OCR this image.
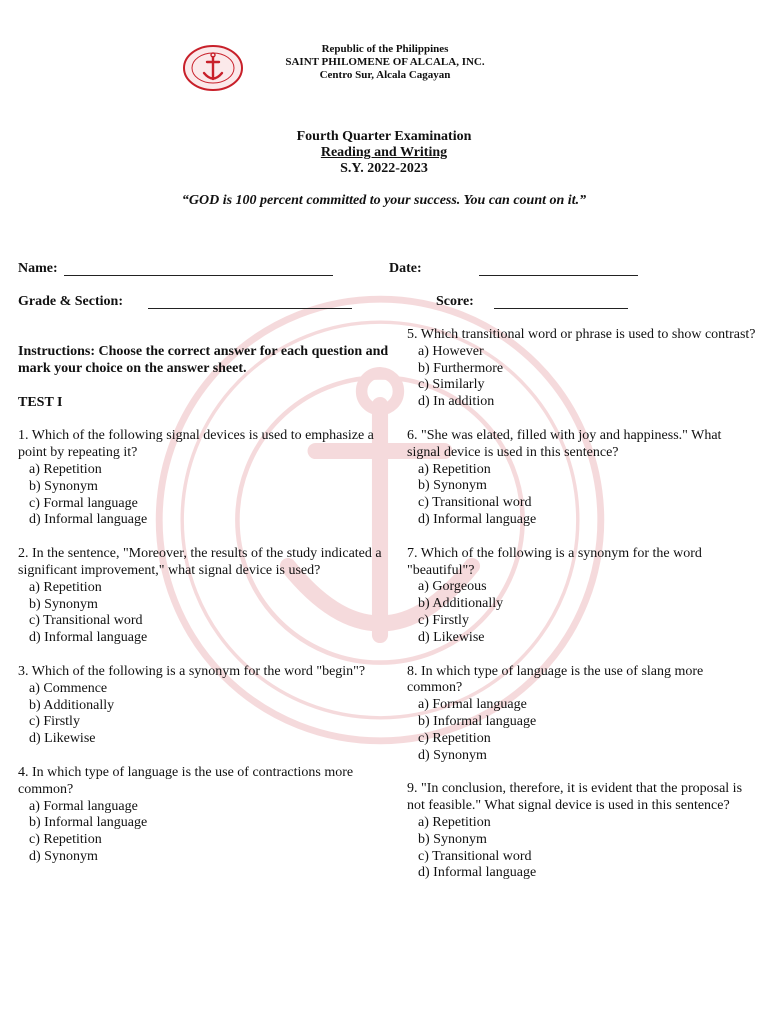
Republic of the Philippines
SAINT PHILOMENE OF ALCALA, INC.
Centro Sur, Alcala Cagayan
Fourth Quarter Examination
Reading and Writing
S.Y. 2022-2023
“GOD is 100 percent committed to your success. You can count on it.”
Name:	Date:
Grade & Section:	Score:
Instructions: Choose the correct answer for each question and mark your choice on the answer sheet.
TEST I
1. Which of the following signal devices is used to emphasize a point by repeating it?
a) Repetition
b) Synonym
c) Formal language
d) Informal language
2. In the sentence, "Moreover, the results of the study indicated a significant improvement," what signal device is used?
a) Repetition
b) Synonym
c) Transitional word
d) Informal language
3. Which of the following is a synonym for the word "begin"?
a) Commence
b) Additionally
c) Firstly
d) Likewise
4. In which type of language is the use of contractions more common?
a) Formal language
b) Informal language
c) Repetition
d) Synonym
5. Which transitional word or phrase is used to show contrast?
a) However
b) Furthermore
c) Similarly
d) In addition
6. "She was elated, filled with joy and happiness." What signal device is used in this sentence?
a) Repetition
b) Synonym
c) Transitional word
d) Informal language
7. Which of the following is a synonym for the word "beautiful"?
a) Gorgeous
b) Additionally
c) Firstly
d) Likewise
8. In which type of language is the use of slang more common?
a) Formal language
b) Informal language
c) Repetition
d) Synonym
9. "In conclusion, therefore, it is evident that the proposal is not feasible." What signal device is used in this sentence?
a) Repetition
b) Synonym
c) Transitional word
d) Informal language
